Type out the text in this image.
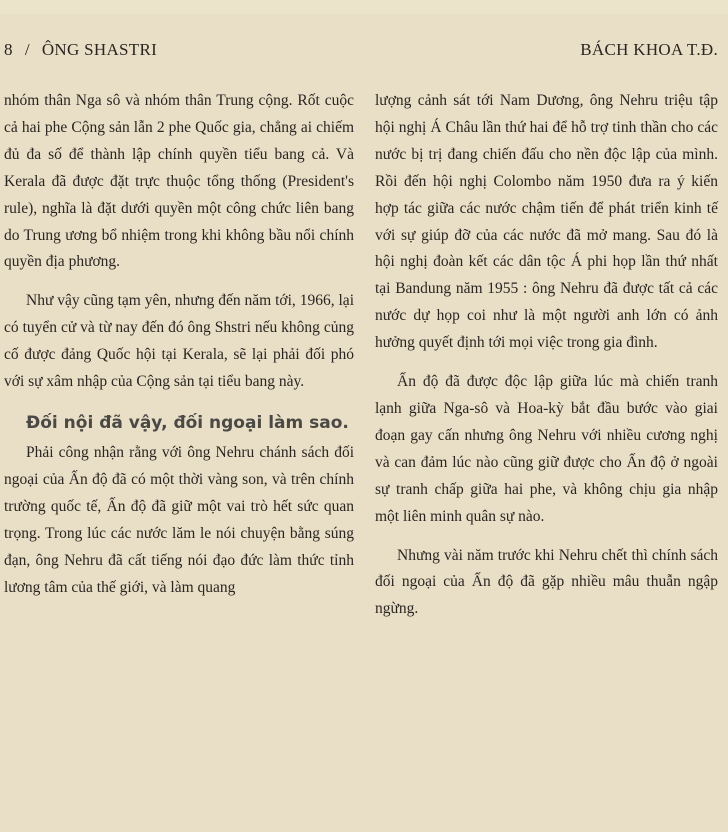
8 / ÔNG SHASTRI	BÁCH KHOA T.Đ.

nhóm thân Nga sô và nhóm thân Trung cộng. Rốt cuộc cả hai phe Cộng sản lẫn 2 phe Quốc gia, chẳng ai chiếm đủ đa số để thành lập chính quyền tiểu bang cả. Và Kerala đã được đặt trực thuộc tổng thống (President's rule), nghĩa là đặt dưới quyền một công chức liên bang do Trung ương bổ nhiệm trong khi không bầu nổi chính quyền địa phương.

Như vậy cũng tạm yên, nhưng đến năm tới, 1966, lại có tuyển cử và từ nay đến đó ông Shstri nếu không củng cố được đảng Quốc hội tại Kerala, sẽ lại phải đối phó với sự xâm nhập của Cộng sản tại tiểu bang này.

Đối nội đã vậy, đối ngoại làm sao.

Phải công nhận rằng với ông Nehru chánh sách đối ngoại của Ấn độ đã có một thời vàng son, và trên chính trường quốc tế, Ấn độ đã giữ một vai trò hết sức quan trọng. Trong lúc các nước lăm le nói chuyện bằng súng đạn, ông Nehru đã cất tiếng nói đạo đức làm thức tỉnh lương tâm của thế giới, và làm quang

lượng cảnh sát tới Nam Dương, ông Nehru triệu tập hội nghị Á Châu lần thứ hai để hỗ trợ tinh thần cho các nước bị trị đang chiến đấu cho nền độc lập của mình. Rồi đến hội nghị Colombo năm 1950 đưa ra ý kiến hợp tác giữa các nước chậm tiến để phát triển kinh tế với sự giúp đỡ của các nước đã mở mang. Sau đó là hội nghị đoàn kết các dân tộc Á phi họp lần thứ nhất tại Bandung năm 1955 : ông Nehru đã được tất cả các nước dự họp coi như là một người anh lớn có ảnh hưởng quyết định tới mọi việc trong gia đình.

Ấn độ đã được độc lập giữa lúc mà chiến tranh lạnh giữa Nga-sô và Hoa-kỳ bắt đầu bước vào giai đoạn gay cấn nhưng ông Nehru với nhiều cương nghị và can đảm lúc nào cũng giữ được cho Ấn độ ở ngoài sự tranh chấp giữa hai phe, và không chịu gia nhập một liên minh quân sự nào.

Nhưng vài năm trước khi Nehru chết thì chính sách đối ngoại của Ấn độ đã gặp nhiều mâu thuẫn ngập ngừng.
